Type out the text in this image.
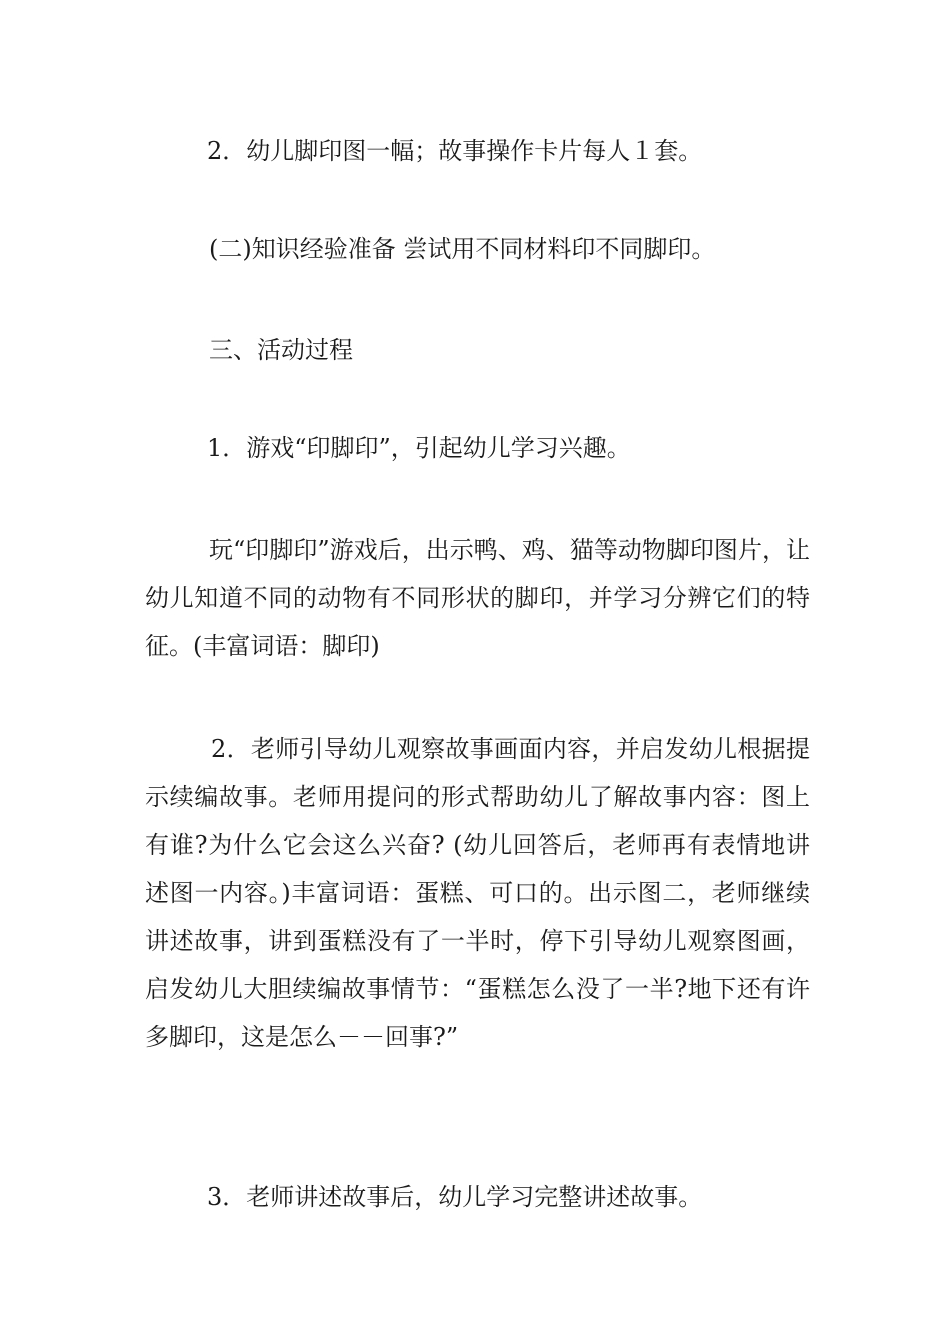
2．幼儿脚印图一幅；故事操作卡片每人１套。
(二)知识经验准备 尝试用不同材料印不同脚印。
三、活动过程
1．游戏“印脚印”，引起幼儿学习兴趣。
玩“印脚印”游戏后，出示鸭、鸡、猫等动物脚印图片，让幼儿知道不同的动物有不同形状的脚印，并学习分辨它们的特征。(丰富词语：脚印)
2．老师引导幼儿观察故事画面内容，并启发幼儿根据提示续编故事。老师用提问的形式帮助幼儿了解故事内容：图上有谁?为什么它会这么兴奋? (幼儿回答后，老师再有表情地讲述图一内容。)丰富词语：蛋糕、可口的。出示图二，老师继续讲述故事，讲到蛋糕没有了一半时，停下引导幼儿观察图画，启发幼儿大胆续编故事情节：“蛋糕怎么没了一半?地下还有许多脚印，这是怎么－－回事?”
3．老师讲述故事后，幼儿学习完整讲述故事。
